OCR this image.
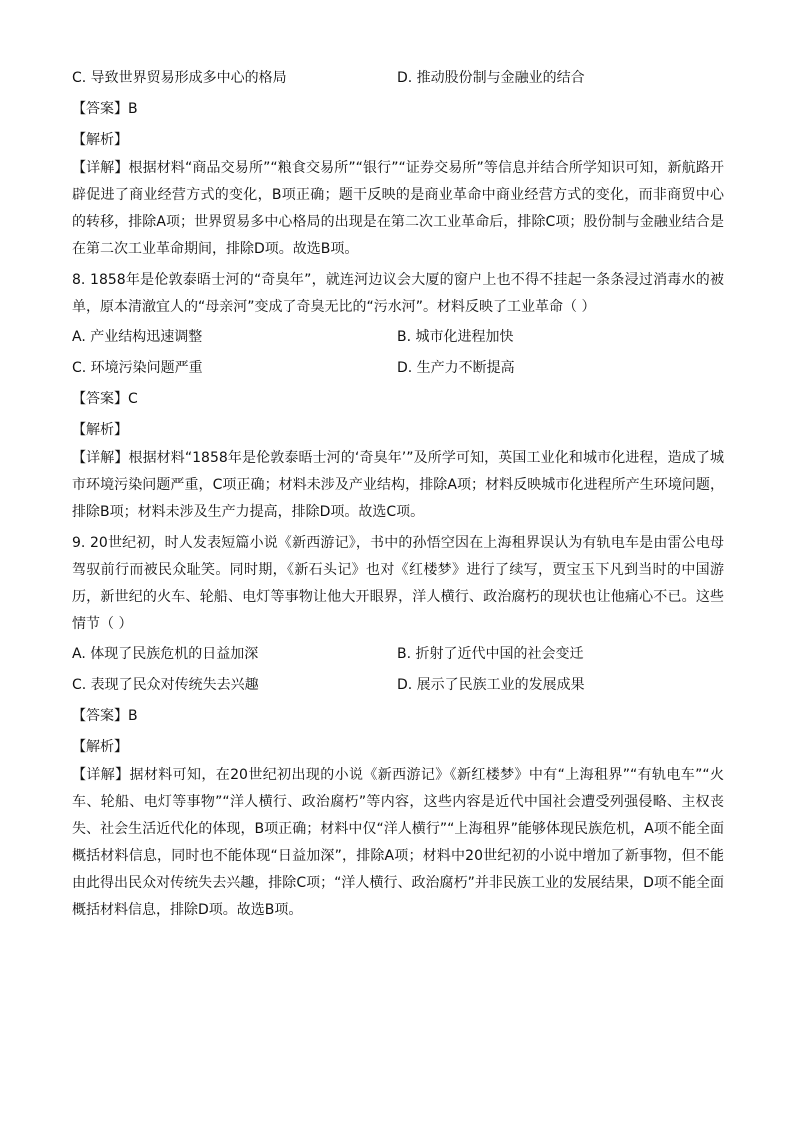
C. 导致世界贸易形成多中心的格局	D. 推动股份制与金融业的结合
【答案】B
【解析】

【详解】根据材料“商品交易所”“粮食交易所”“银行”“证券交易所”等信息并结合所学知识可知，新航路开辟促进了商业经营方式的变化，B项正确；题干反映的是商业革命中商业经营方式的变化，而非商贸中心的转移，排除A项；世界贸易多中心格局的出现是在第二次工业革命后，排除C项；股份制与金融业结合是在第二次工业革命期间，排除D项。故选B项。

8. 1858年是伦敦泰晤士河的“奇臭年”，就连河边议会大厦的窗户上也不得不挂起一条条浸过消毒水的被单，原本清澈宜人的“母亲河”变成了奇臭无比的“污水河”。材料反映了工业革命（ ）

A. 产业结构迅速调整	B. 城市化进程加快
C. 环境污染问题严重	D. 生产力不断提高
【答案】C
【解析】

【详解】根据材料“1858年是伦敦泰晤士河的‘奇臭年’”及所学可知，英国工业化和城市化进程，造成了城市环境污染问题严重，C项正确；材料未涉及产业结构，排除A项；材料反映城市化进程所产生环境问题，排除B项；材料未涉及生产力提高，排除D项。故选C项。

9. 20世纪初，时人发表短篇小说《新西游记》，书中的孙悟空因在上海租界误认为有轨电车是由雷公电母驾驭前行而被民众耻笑。同时期，《新石头记》也对《红楼梦》进行了续写，贾宝玉下凡到当时的中国游历，新世纪的火车、轮船、电灯等事物让他大开眼界，洋人横行、政治腐朽的现状也让他痛心不已。这些情节（ ）

A. 体现了民族危机的日益加深	B. 折射了近代中国的社会变迁
C. 表现了民众对传统失去兴趣	D. 展示了民族工业的发展成果
【答案】B
【解析】

【详解】据材料可知，在20世纪初出现的小说《新西游记》《新红楼梦》中有“上海租界”“有轨电车”“火车、轮船、电灯等事物”“洋人横行、政治腐朽”等内容，这些内容是近代中国社会遭受列强侵略、主权丧失、社会生活近代化的体现，B项正确；材料中仅“洋人横行”“上海租界”能够体现民族危机，A项不能全面概括材料信息，同时也不能体现“日益加深”，排除A项；材料中20世纪初的小说中增加了新事物，但不能由此得出民众对传统失去兴趣，排除C项；“洋人横行、政治腐朽”并非民族工业的发展结果，D项不能全面概括材料信息，排除D项。故选B项。
